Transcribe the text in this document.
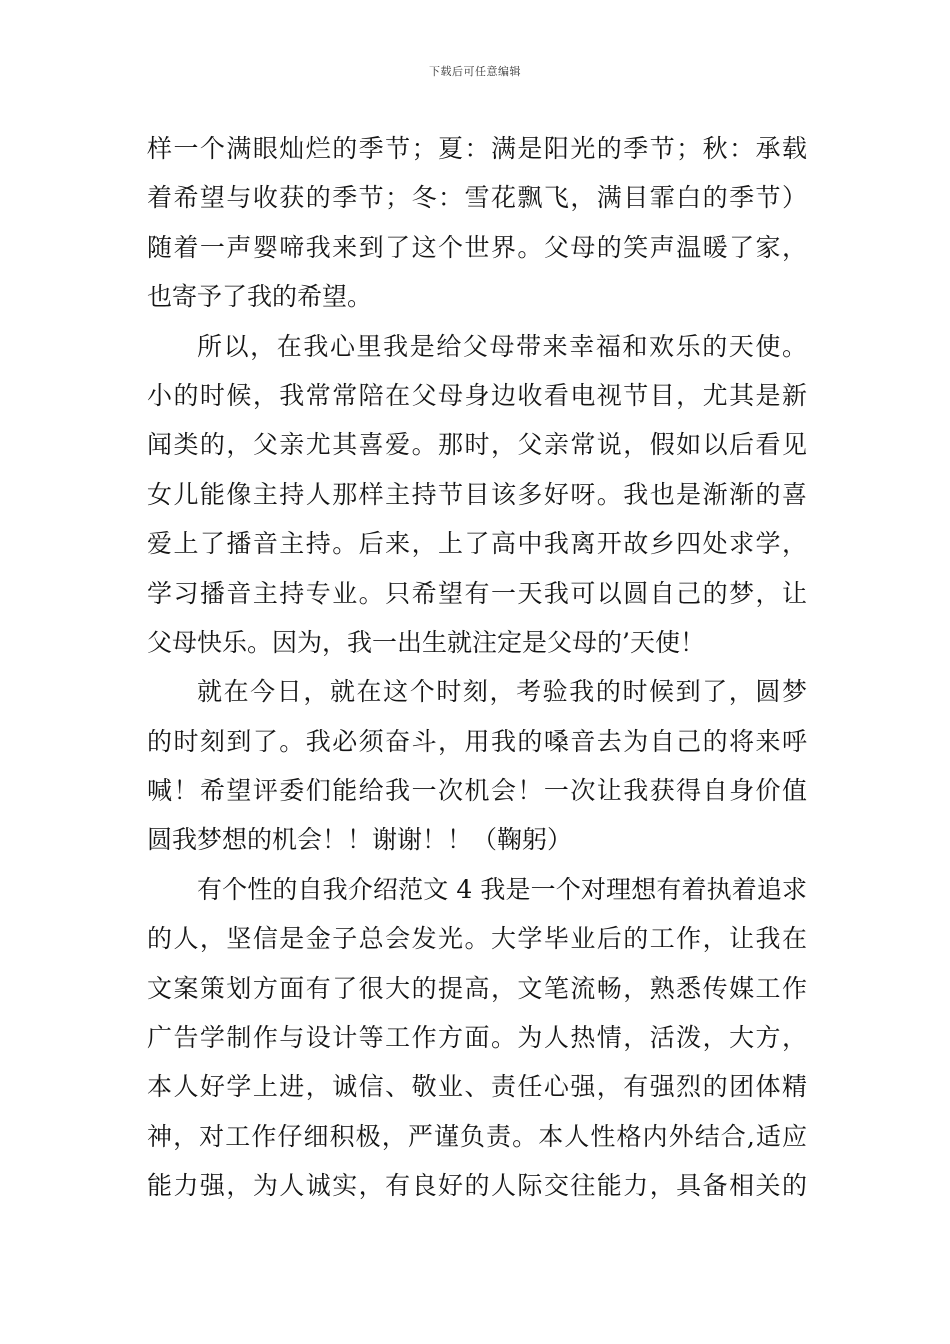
下载后可任意编辑
样一个满眼灿烂的季节；夏：满是阳光的季节；秋：承载
着希望与收获的季节；冬：雪花飘飞，满目霏白的季节）
随着一声婴啼我来到了这个世界。父母的笑声温暖了家，
也寄予了我的希望。
所以，在我心里我是给父母带来幸福和欢乐的天使。
小的时候，我常常陪在父母身边收看电视节目，尤其是新
闻类的，父亲尤其喜爱。那时，父亲常说，假如以后看见
女儿能像主持人那样主持节目该多好呀。我也是渐渐的喜
爱上了播音主持。后来，上了高中我离开故乡四处求学，
学习播音主持专业。只希望有一天我可以圆自己的梦，让
父母快乐。因为，我一出生就注定是父母的’天使！
就在今日，就在这个时刻，考验我的时候到了，圆梦
的时刻到了。我必须奋斗，用我的嗓音去为自己的将来呼
喊！希望评委们能给我一次机会！一次让我获得自身价值
圆我梦想的机会！！谢谢！！（鞠躬）
有个性的自我介绍范文 4 我是一个对理想有着执着追求
的人，坚信是金子总会发光。大学毕业后的工作，让我在
文案策划方面有了很大的提高，文笔流畅，熟悉传媒工作
广告学制作与设计等工作方面。为人热情，活泼，大方，
本人好学上进，诚信、敬业、责任心强，有强烈的团体精
神，对工作仔细积极，严谨负责。本人性格内外结合,适应
能力强，为人诚实，有良好的人际交往能力，具备相关的
